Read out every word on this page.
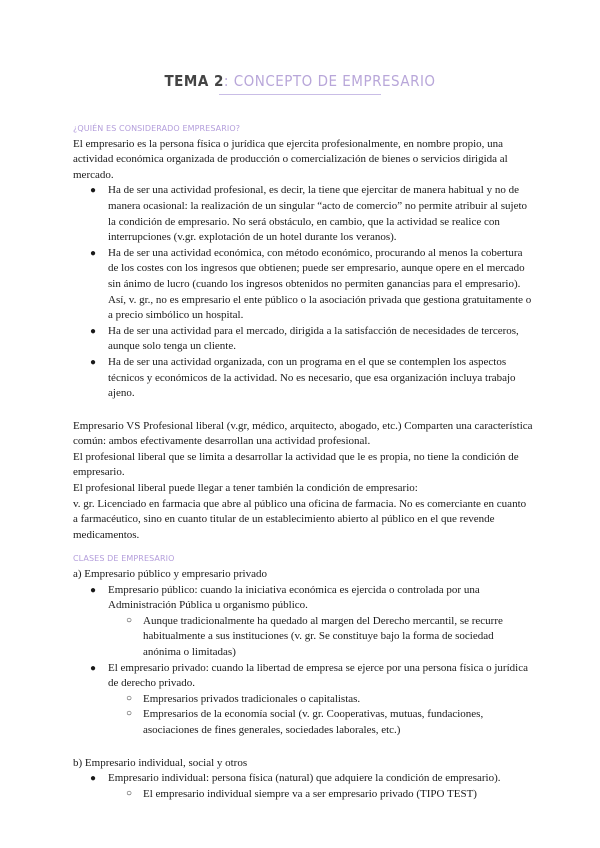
TEMA 2: CONCEPTO DE EMPRESARIO

¿QUIÉN ES CONSIDERADO EMPRESARIO?

El empresario es la persona física o jurídica que ejercita profesionalmente, en nombre propio, una actividad económica organizada de producción o comercialización de bienes o servicios dirigida al mercado.

● Ha de ser una actividad profesional, es decir, la tiene que ejercitar de manera habitual y no de manera ocasional: la realización de un singular “acto de comercio” no permite atribuir al sujeto la condición de empresario. No será obstáculo, en cambio, que la actividad se realice con interrupciones (v.gr. explotación de un hotel durante los veranos).
● Ha de ser una actividad económica, con método económico, procurando al menos la cobertura de los costes con los ingresos que obtienen; puede ser empresario, aunque opere en el mercado sin ánimo de lucro (cuando los ingresos obtenidos no permiten ganancias para el empresario). Así, v. gr., no es empresario el ente público o la asociación privada que gestiona gratuitamente o a precio simbólico un hospital.
● Ha de ser una actividad para el mercado, dirigida a la satisfacción de necesidades de terceros, aunque solo tenga un cliente.
● Ha de ser una actividad organizada, con un programa en el que se contemplen los aspectos técnicos y económicos de la actividad. No es necesario, que esa organización incluya trabajo ajeno.

Empresario VS Profesional liberal (v.gr, médico, arquitecto, abogado, etc.) Comparten una característica común: ambos efectivamente desarrollan una actividad profesional.

El profesional liberal que se limita a desarrollar la actividad que le es propia, no tiene la condición de empresario.

El profesional liberal puede llegar a tener también la condición de empresario:

v. gr. Licenciado en farmacia que abre al público una oficina de farmacia. No es comerciante en cuanto a farmacéutico, sino en cuanto titular de un establecimiento abierto al público en el que revende medicamentos.

CLASES DE EMPRESARIO

a) Empresario público y empresario privado

● Empresario público: cuando la iniciativa económica es ejercida o controlada por una Administración Pública u organismo público.
○ Aunque tradicionalmente ha quedado al margen del Derecho mercantil, se recurre habitualmente a sus instituciones (v. gr. Se constituye bajo la forma de sociedad anónima o limitadas)
● El empresario privado: cuando la libertad de empresa se ejerce por una persona física o jurídica de derecho privado.
○ Empresarios privados tradicionales o capitalistas.
○ Empresarios de la economía social (v. gr. Cooperativas, mutuas, fundaciones, asociaciones de fines generales, sociedades laborales, etc.)

b) Empresario individual, social y otros

● Empresario individual: persona física (natural) que adquiere la condición de empresario).
○ El empresario individual siempre va a ser empresario privado (TIPO TEST)
